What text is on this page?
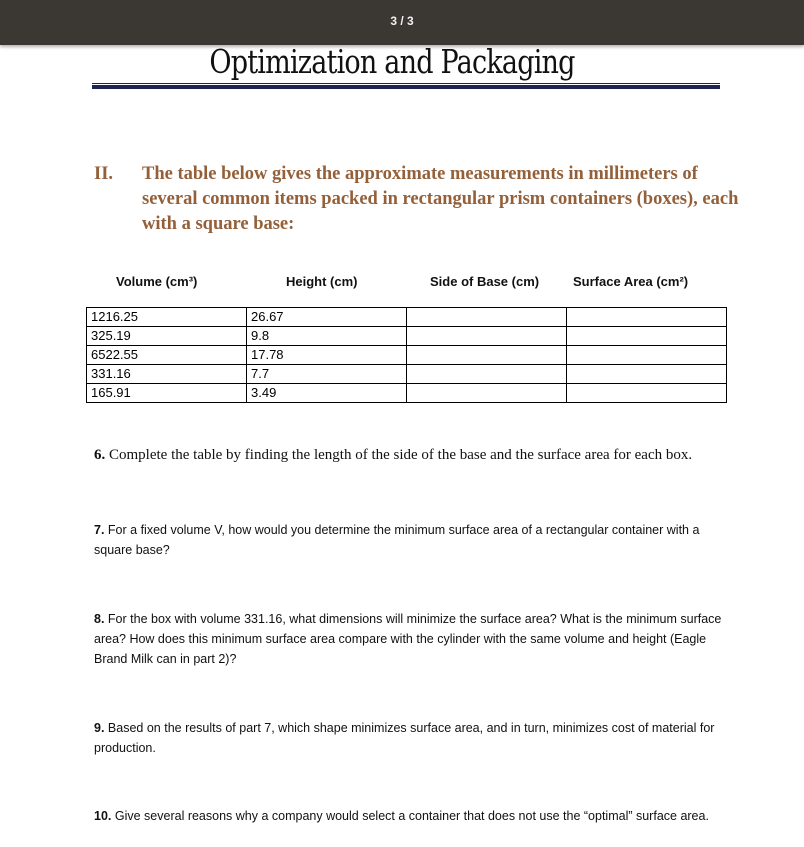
3 / 3
Optimization and Packaging
II. The table below gives the approximate measurements in millimeters of several common items packed in rectangular prism containers (boxes), each with a square base:
Volume (cm³)	Height (cm)	Side of Base (cm)	Surface Area (cm²)
1216.25	26.67		
325.19	9.8		
6522.55	17.78		
331.16	7.7		
165.91	3.49		
6. Complete the table by finding the length of the side of the base and the surface area for each box.
7. For a fixed volume V, how would you determine the minimum surface area of a rectangular container with a square base?
8. For the box with volume 331.16, what dimensions will minimize the surface area? What is the minimum surface area? How does this minimum surface area compare with the cylinder with the same volume and height (Eagle Brand Milk can in part 2)?
9. Based on the results of part 7, which shape minimizes surface area, and in turn, minimizes cost of material for production.
10. Give several reasons why a company would select a container that does not use the “optimal” surface area.
